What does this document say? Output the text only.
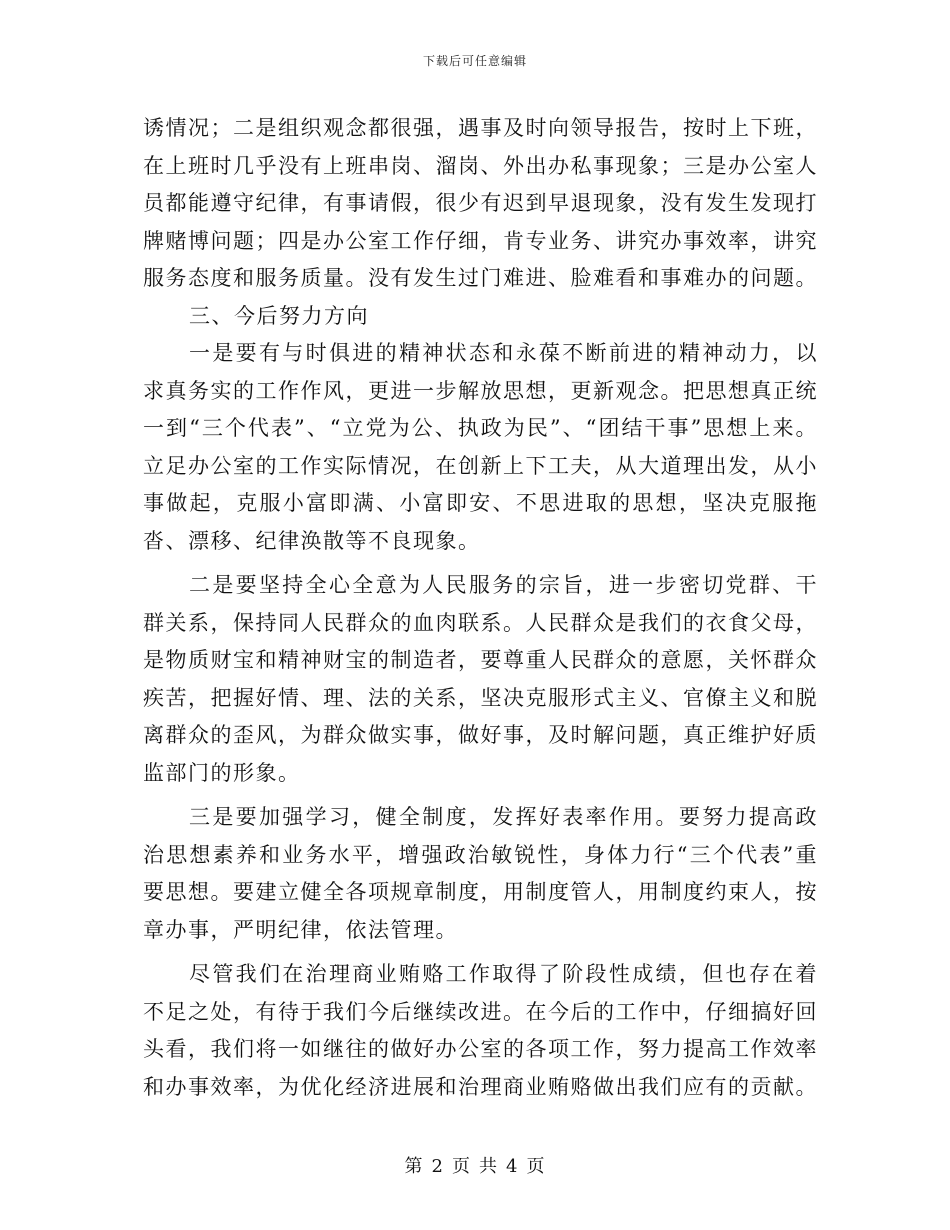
下载后可任意编辑

诱情况；二是组织观念都很强，遇事及时向领导报告，按时上下班，在上班时几乎没有上班串岗、溜岗、外出办私事现象；三是办公室人员都能遵守纪律，有事请假，很少有迟到早退现象，没有发生发现打牌赌博问题；四是办公室工作仔细，肯专业务、讲究办事效率，讲究服务态度和服务质量。没有发生过门难进、脸难看和事难办的问题。

三、今后努力方向

一是要有与时俱进的精神状态和永葆不断前进的精神动力，以求真务实的工作作风，更进一步解放思想，更新观念。把思想真正统一到“三个代表”、“立党为公、执政为民”、“团结干事”思想上来。立足办公室的工作实际情况，在创新上下工夫，从大道理出发，从小事做起，克服小富即满、小富即安、不思进取的思想，坚决克服拖沓、漂移、纪律涣散等不良现象。

二是要坚持全心全意为人民服务的宗旨，进一步密切党群、干群关系，保持同人民群众的血肉联系。人民群众是我们的衣食父母，是物质财宝和精神财宝的制造者，要尊重人民群众的意愿，关怀群众疾苦，把握好情、理、法的关系，坚决克服形式主义、官僚主义和脱离群众的歪风，为群众做实事，做好事，及时解问题，真正维护好质监部门的形象。

三是要加强学习，健全制度，发挥好表率作用。要努力提高政治思想素养和业务水平，增强政治敏锐性，身体力行“三个代表”重要思想。要建立健全各项规章制度，用制度管人，用制度约束人，按章办事，严明纪律，依法管理。

尽管我们在治理商业贿赂工作取得了阶段性成绩，但也存在着不足之处，有待于我们今后继续改进。在今后的工作中，仔细搞好回头看，我们将一如继往的做好办公室的各项工作，努力提高工作效率和办事效率，为优化经济进展和治理商业贿赂做出我们应有的贡献。

第 2 页 共 4 页
